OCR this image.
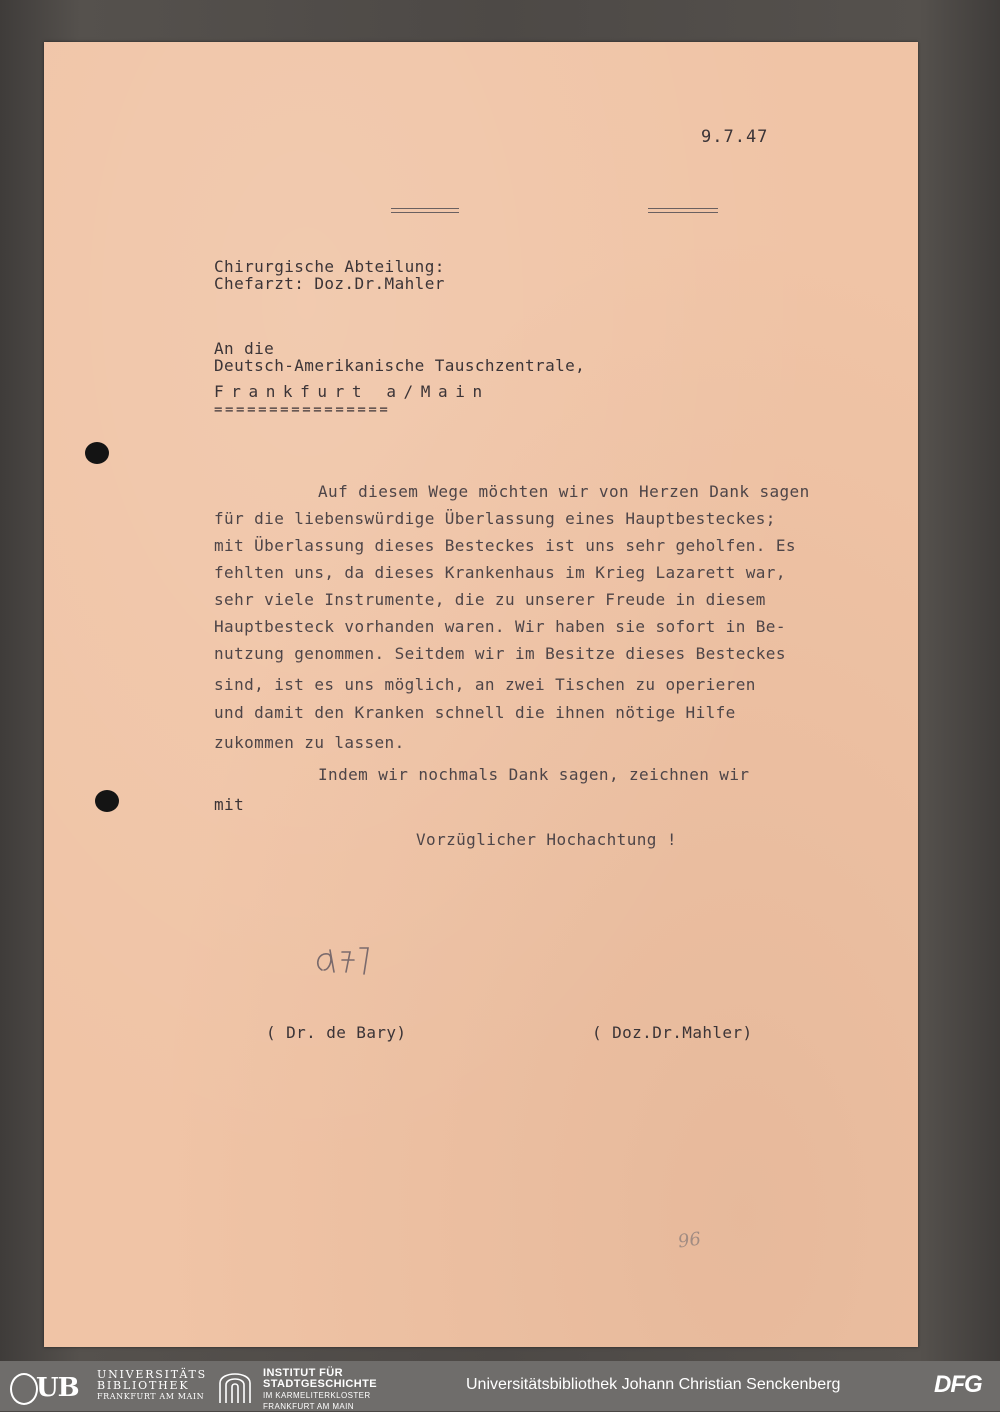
9.7.47
Chirurgische Abteilung:
Chefarzt: Doz.Dr.Mahler
An die
Deutsch-Amerikanische Tauschzentrale,
Frankfurt a/Main
================
Auf diesem Wege möchten wir von Herzen Dank sagen
für die liebenswürdige Überlassung eines Hauptbesteckes;
mit Überlassung dieses Besteckes ist uns sehr geholfen. Es
fehlten uns, da dieses Krankenhaus im Krieg Lazarett war,
sehr viele Instrumente, die zu unserer Freude in diesem
Hauptbesteck vorhanden waren. Wir haben sie sofort in Be-
nutzung genommen. Seitdem wir im Besitze dieses Besteckes
sind, ist es uns möglich, an zwei Tischen zu operieren
und damit den Kranken schnell die ihnen nötige Hilfe
zukommen zu lassen.
Indem wir nochmals Dank sagen, zeichnen wir
mit
Vorzüglicher Hochachtung !
( Dr. de Bary)	( Doz.Dr.Mahler)
96
UB UNIVERSITÄTS
BIBLIOTHEK
FRANKFURT AM MAIN
INSTITUT FÜR
STADTGESCHICHTE
IM KARMELITERKLOSTER
FRANKFURT AM MAIN
Universitätsbibliothek Johann Christian Senckenberg	DFG
